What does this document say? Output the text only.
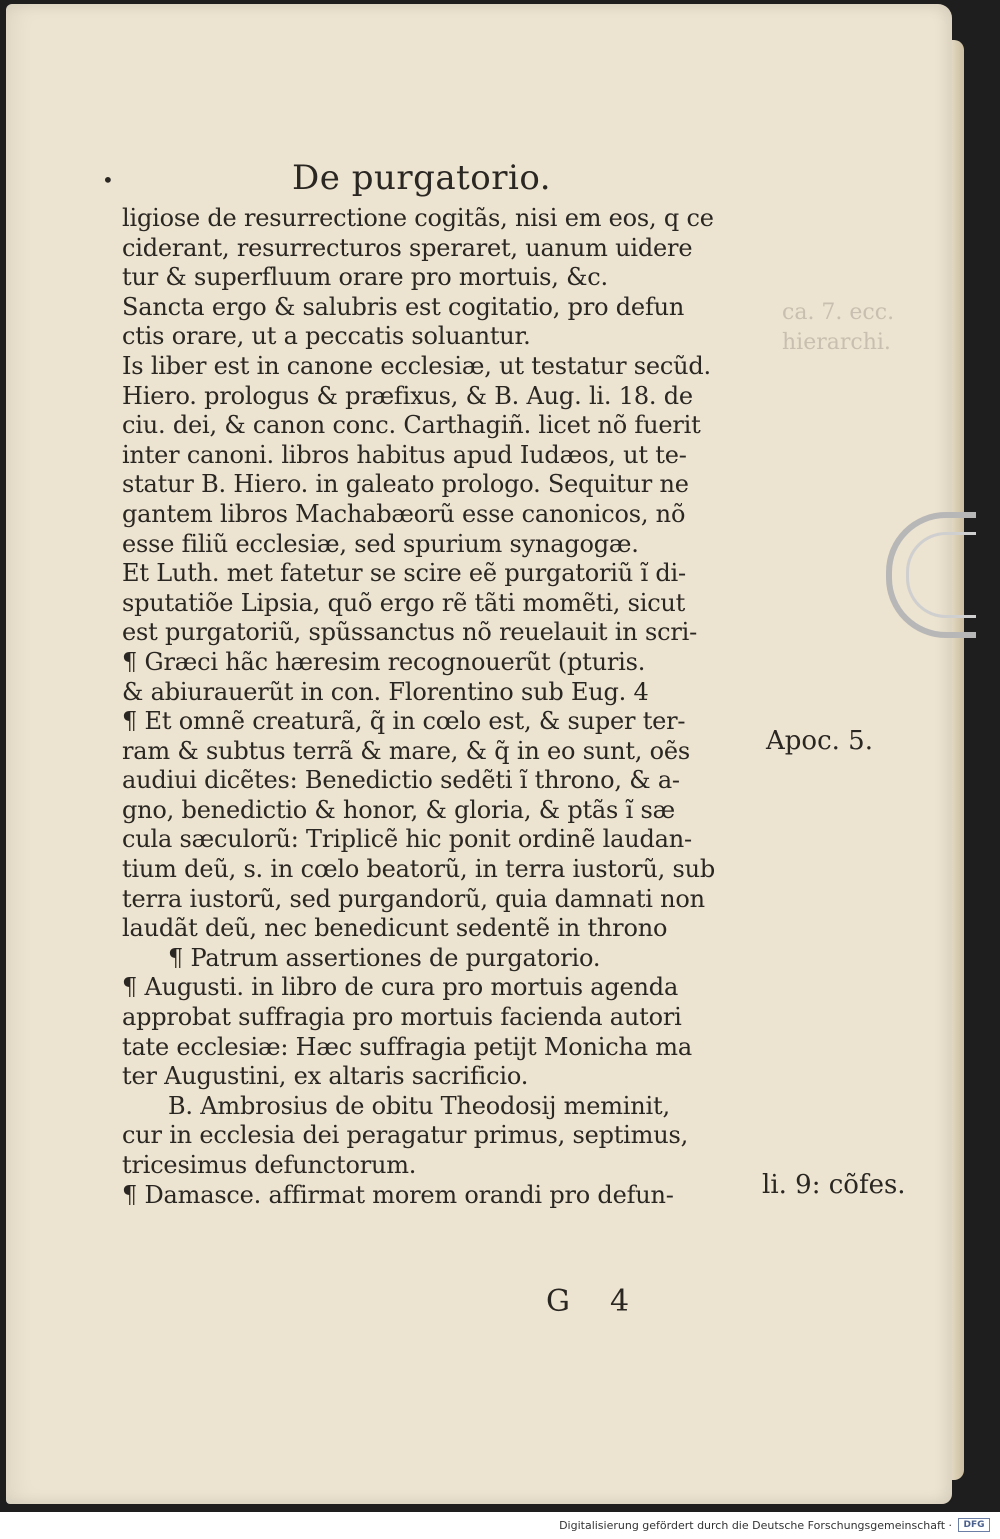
ca. 7. ecc.
hierarchi.
•	De purgatorio.
ligiose de resurrectione cogitãs, nisi em eos, q ce
ciderant, resurrecturos speraret, uanum uidere
tur & superfluum orare pro mortuis, &c.
Sancta ergo & salubris est cogitatio, pro defun
ctis orare, ut a peccatis soluantur.
Is liber est in canone ecclesiæ, ut testatur secũd.
Hiero. prologus & præfixus, & B. Aug. li. 18. de
ciu. dei, & canon conc. Carthagiñ. licet nõ fuerit
inter canoni. libros habitus apud Iudæos, ut te-
statur B. Hiero. in galeato prologo. Sequitur ne
gantem libros Machabæorũ esse canonicos, nõ
esse filiũ ecclesiæ, sed spurium synagogæ.
Et Luth. met fatetur se scire eẽ purgatoriũ ĩ di-
sputatiõe Lipsia, quõ ergo rẽ tãti momẽti, sicut
est purgatoriũ, spũssanctus nõ reuelauit in scri-
¶ Græci hãc hæresim recognouerũt (pturis.
& abiurauerũt in con. Florentino sub Eug. 4
¶ Et omnẽ creaturã, q̃ in cœlo est, & super ter-
ram & subtus terrã & mare, & q̃ in eo sunt, oẽs
audiui dicẽtes: Benedictio sedẽti ĩ throno, & a-
gno, benedictio & honor, & gloria, & ptãs ĩ sæ
cula sæculorũ: Triplicẽ hic ponit ordinẽ laudan-
tium deũ, s. in cœlo beatorũ, in terra iustorũ, sub
terra iustorũ, sed purgandorũ, quia damnati non
laudãt deũ, nec benedicunt sedentẽ in throno
¶ Patrum assertiones de purgatorio.
¶ Augusti. in libro de cura pro mortuis agenda
approbat suffragia pro mortuis facienda autori
tate ecclesiæ: Hæc suffragia petijt Monicha ma
ter Augustini, ex altaris sacrificio.
B. Ambrosius de obitu Theodosij meminit,
cur in ecclesia dei peragatur primus, septimus,
tricesimus defunctorum.
¶ Damasce. affirmat morem orandi pro defun-
Apoc. 5.
li. 9: cõfes.
G4
Digitalisierung gefördert durch die Deutsche Forschungsgemeinschaft ·	DFG
